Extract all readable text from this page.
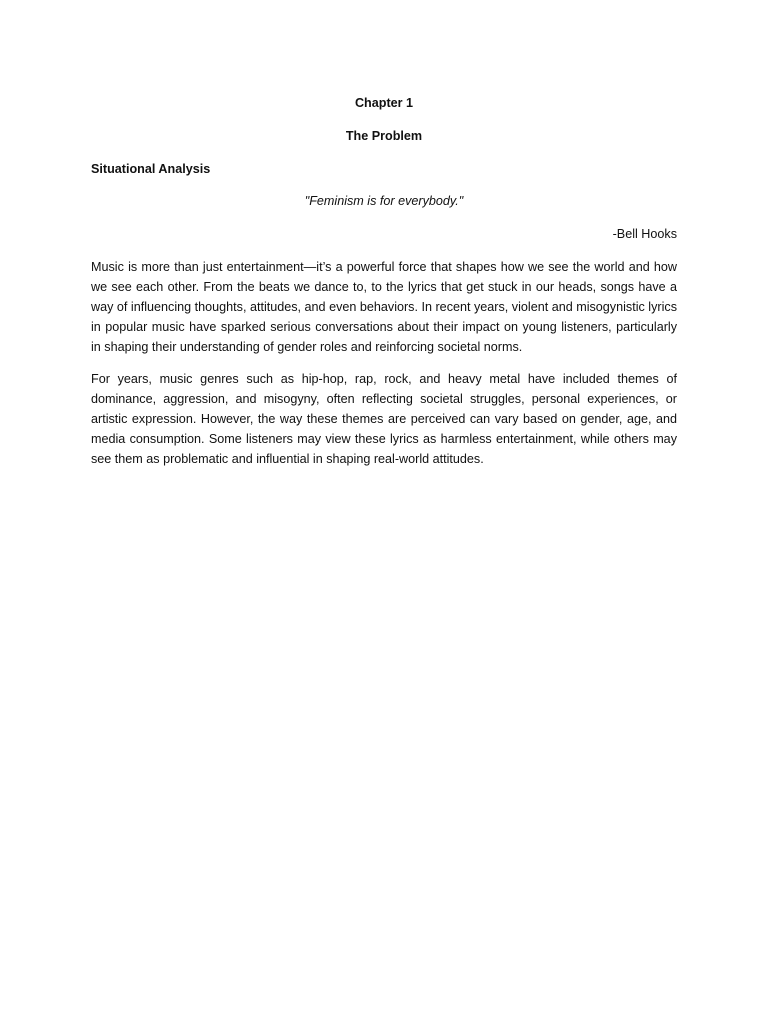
Chapter 1
The Problem
Situational Analysis
"Feminism is for everybody."
-Bell Hooks

Music is more than just entertainment—it’s a powerful force that shapes how we see the world and how we see each other. From the beats we dance to, to the lyrics that get stuck in our heads, songs have a way of influencing thoughts, attitudes, and even behaviors. In recent years, violent and misogynistic lyrics in popular music have sparked serious conversations about their impact on young listeners, particularly in shaping their understanding of gender roles and reinforcing societal norms.

For years, music genres such as hip-hop, rap, rock, and heavy metal have included themes of dominance, aggression, and misogyny, often reflecting societal struggles, personal experiences, or artistic expression. However, the way these themes are perceived can vary based on gender, age, and media consumption. Some listeners may view these lyrics as harmless entertainment, while others may see them as problematic and influential in shaping real-world attitudes.
